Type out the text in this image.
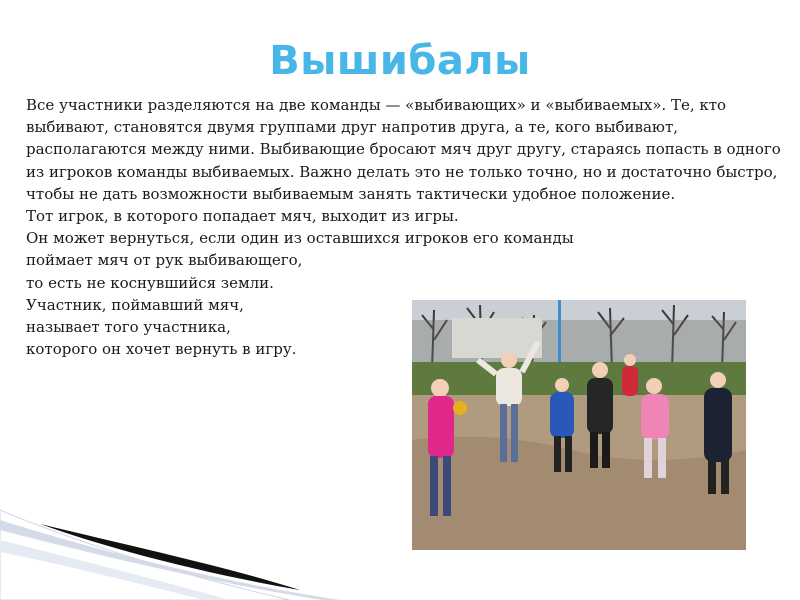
Вышибалы

Все участники разделяются на две команды — «выбивающих» и «выбиваемых». Те, кто выбивают, становятся двумя группами друг напротив друга, а те, кого выбивают, располагаются между ними. Выбивающие бросают мяч друг другу, стараясь попасть в одного из игроков команды выбиваемых. Важно делать это не только точно, но и достаточно быстро, чтобы не дать возможности выбиваемым занять тактически удобное положение.

Тот игрок, в которого попадает мяч, выходит из игры.

Он может вернуться, если один из оставшихся игроков его команды
поймает мяч от рук выбивающего,
то есть не коснувшийся земли.
Участник, поймавший мяч,
называет того участника,
которого он хочет вернуть в игру.
